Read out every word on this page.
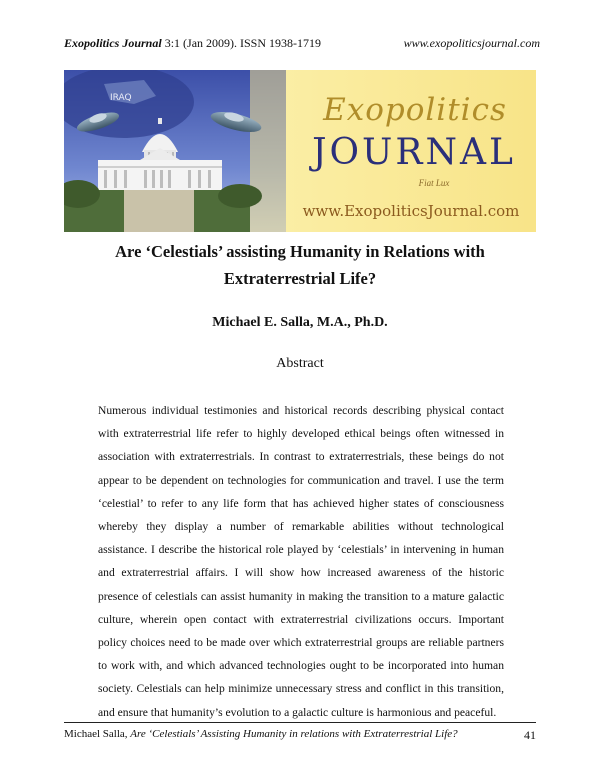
Exopolitics Journal 3:1 (Jan 2009). ISSN 1938-1719	www.exopoliticsjournal.com
IRAQ	Exopolitics
JOURNAL
Fiat Lux
www.ExopoliticsJournal.com
Are ‘Celestials’ assisting Humanity in Relations with Extraterrestrial Life?
Michael E. Salla, M.A., Ph.D.
Abstract

Numerous individual testimonies and historical records describing physical contact with extraterrestrial life refer to highly developed ethical beings often witnessed in association with extraterrestrials. In contrast to extraterrestrials, these beings do not appear to be dependent on technologies for communication and travel. I use the term ‘celestial’ to refer to any life form that has achieved higher states of consciousness whereby they display a number of remarkable abilities without technological assistance. I describe the historical role played by ‘celestials’ in intervening in human and extraterrestrial affairs. I will show how increased awareness of the historic presence of celestials can assist humanity in making the transition to a mature galactic culture, wherein open contact with extraterrestrial civilizations occurs. Important policy choices need to be made over which extraterrestrial groups are reliable partners to work with, and which advanced technologies ought to be incorporated into human society. Celestials can help minimize unnecessary stress and conflict in this transition, and ensure that humanity’s evolution to a galactic culture is harmonious and peaceful.

Michael Salla, Are ‘Celestials’ Assisting Humanity in relations with Extraterrestrial Life?	41
